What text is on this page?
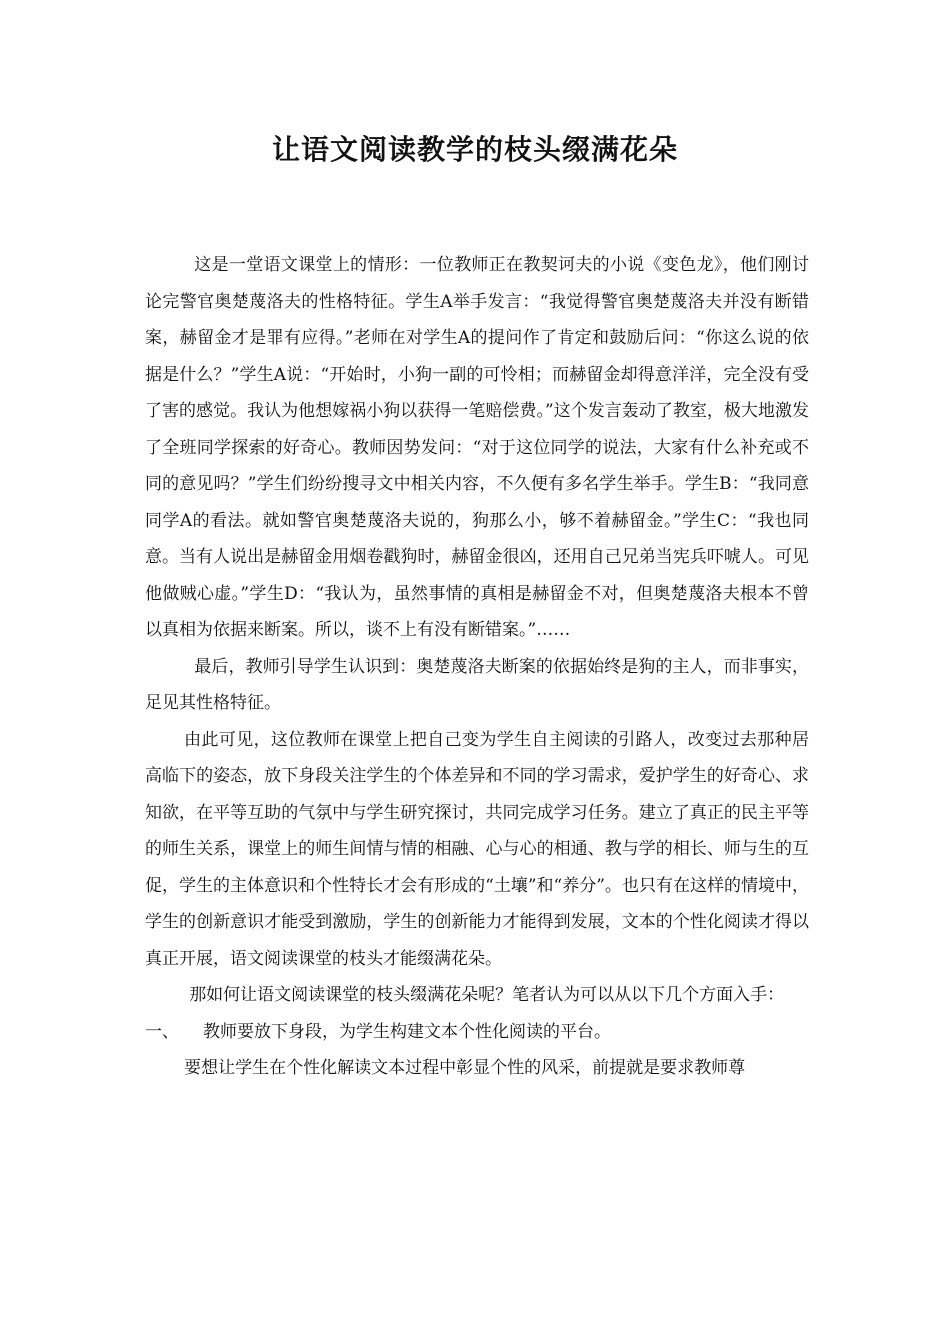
让语文阅读教学的枝头缀满花朵

这是一堂语文课堂上的情形：一位教师正在教契诃夫的小说《变色龙》，他们刚讨论完警官奥楚蔑洛夫的性格特征。学生A举手发言：“我觉得警官奥楚蔑洛夫并没有断错案，赫留金才是罪有应得。”老师在对学生A的提问作了肯定和鼓励后问：“你这么说的依据是什么？”学生A说：“开始时，小狗一副的可怜相；而赫留金却得意洋洋，完全没有受了害的感觉。我认为他想嫁祸小狗以获得一笔赔偿费。”这个发言轰动了教室，极大地激发了全班同学探索的好奇心。教师因势发问：“对于这位同学的说法，大家有什么补充或不同的意见吗？”学生们纷纷搜寻文中相关内容，不久便有多名学生举手。学生B：“我同意同学A的看法。就如警官奥楚蔑洛夫说的，狗那么小，够不着赫留金。”学生C：“我也同意。当有人说出是赫留金用烟卷戳狗时，赫留金很凶，还用自己兄弟当宪兵吓唬人。可见他做贼心虚。”学生D：“我认为，虽然事情的真相是赫留金不对，但奥楚蔑洛夫根本不曾以真相为依据来断案。所以，谈不上有没有断错案。”……

最后，教师引导学生认识到：奥楚蔑洛夫断案的依据始终是狗的主人，而非事实，足见其性格特征。

由此可见，这位教师在课堂上把自己变为学生自主阅读的引路人，改变过去那种居高临下的姿态，放下身段关注学生的个体差异和不同的学习需求，爱护学生的好奇心、求知欲，在平等互助的气氛中与学生研究探讨，共同完成学习任务。建立了真正的民主平等的师生关系，课堂上的师生间情与情的相融、心与心的相通、教与学的相长、师与生的互促，学生的主体意识和个性特长才会有形成的“土壤”和“养分”。也只有在这样的情境中，学生的创新意识才能受到激励，学生的创新能力才能得到发展，文本的个性化阅读才得以真正开展，语文阅读课堂的枝头才能缀满花朵。

那如何让语文阅读课堂的枝头缀满花朵呢？笔者认为可以从以下几个方面入手：

一、	教师要放下身段，为学生构建文本个性化阅读的平台。

要想让学生在个性化解读文本过程中彰显个性的风采，前提就是要求教师尊
